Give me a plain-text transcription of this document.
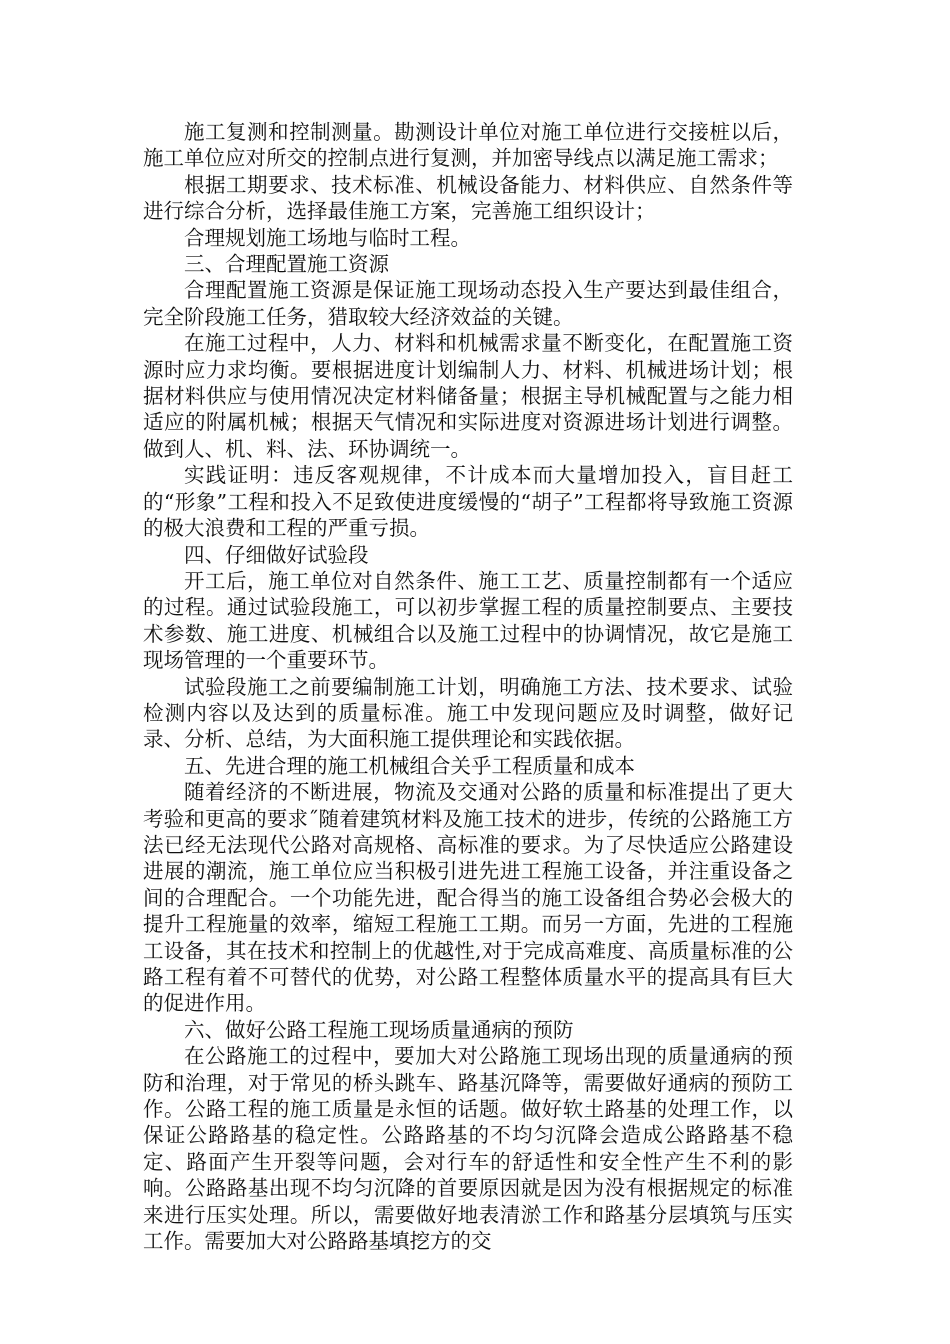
施工复测和控制测量。勘测设计单位对施工单位进行交接桩以后，施工单位应对所交的控制点进行复测，并加密导线点以满足施工需求；

根据工期要求、技术标准、机械设备能力、材料供应、自然条件等进行综合分析，选择最佳施工方案，完善施工组织设计；

合理规划施工场地与临时工程。

三、合理配置施工资源

合理配置施工资源是保证施工现场动态投入生产要达到最佳组合，完全阶段施工任务，猎取较大经济效益的关键。

在施工过程中，人力、材料和机械需求量不断变化，在配置施工资源时应力求均衡。要根据进度计划编制人力、材料、机械进场计划；根据材料供应与使用情况决定材料储备量；根据主导机械配置与之能力相适应的附属机械；根据天气情况和实际进度对资源进场计划进行调整。做到人、机、料、法、环协调统一。

实践证明：违反客观规律，不计成本而大量增加投入，盲目赶工的“形象”工程和投入不足致使进度缓慢的“胡子”工程都将导致施工资源的极大浪费和工程的严重亏损。

四、仔细做好试验段

开工后，施工单位对自然条件、施工工艺、质量控制都有一个适应的过程。通过试验段施工，可以初步掌握工程的质量控制要点、主要技术参数、施工进度、机械组合以及施工过程中的协调情况，故它是施工现场管理的一个重要环节。

试验段施工之前要编制施工计划，明确施工方法、技术要求、试验检测内容以及达到的质量标准。施工中发现问题应及时调整，做好记录、分析、总结，为大面积施工提供理论和实践依据。

五、先进合理的施工机械组合关乎工程质量和成本

随着经济的不断进展，物流及交通对公路的质量和标准提出了更大考验和更高的要求˝随着建筑材料及施工技术的进步，传统的公路施工方法已经无法现代公路对高规格、高标准的要求。为了尽快适应公路建设进展的潮流，施工单位应当积极引进先进工程施工设备，并注重设备之间的合理配合。一个功能先进，配合得当的施工设备组合势必会极大的提升工程施量的效率，缩短工程施工工期。而另一方面，先进的工程施工设备，其在技术和控制上的优越性,对于完成高难度、高质量标准的公路工程有着不可替代的优势，对公路工程整体质量水平的提高具有巨大的促进作用。

六、做好公路工程施工现场质量通病的预防

在公路施工的过程中，要加大对公路施工现场出现的质量通病的预防和治理，对于常见的桥头跳车、路基沉降等，需要做好通病的预防工作。公路工程的施工质量是永恒的话题。做好软土路基的处理工作，以保证公路路基的稳定性。公路路基的不均匀沉降会造成公路路基不稳定、路面产生开裂等问题，会对行车的舒适性和安全性产生不利的影响。公路路基出现不均匀沉降的首要原因就是因为没有根据规定的标准来进行压实处理。所以，需要做好地表清淤工作和路基分层填筑与压实工作。需要加大对公路路基填挖方的交
